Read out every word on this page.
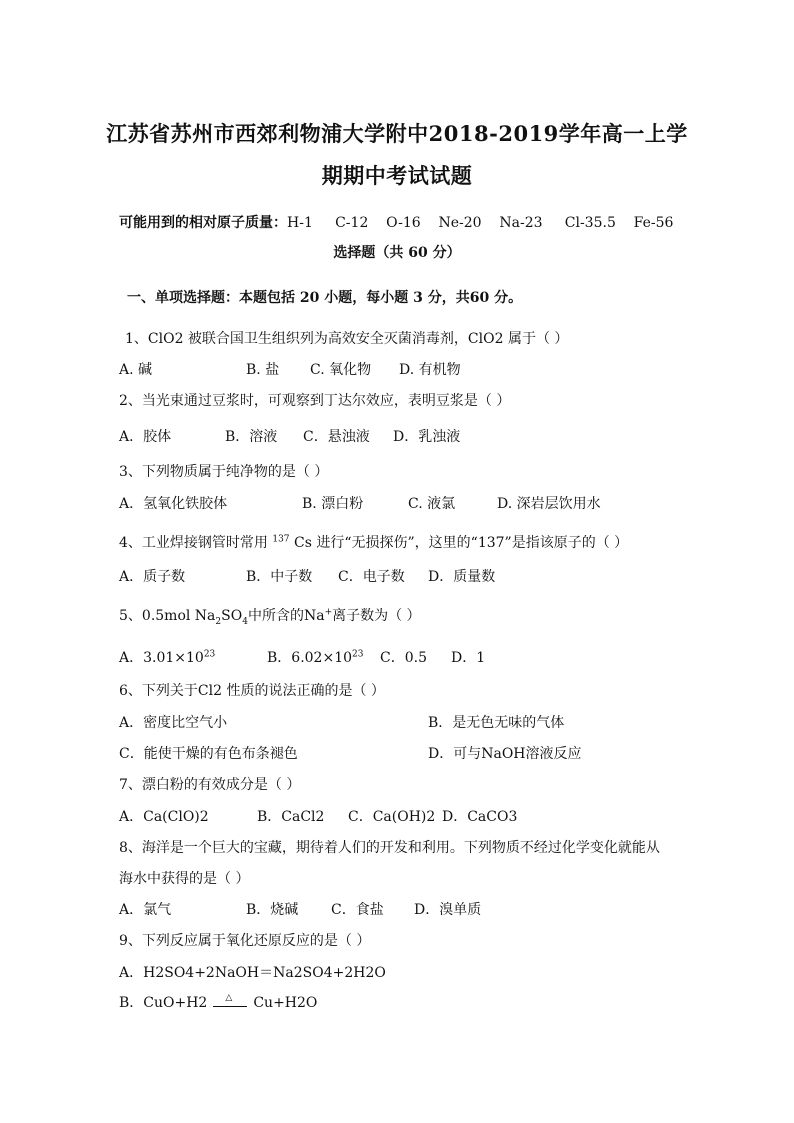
江苏省苏州市西郊利物浦大学附中2018-2019学年高一上学
期期中考试试题
可能用到的相对原子质量：H-1     C-12    O-16    Ne-20    Na-23     Cl-35.5    Fe-56
选择题（共 60 分）
一、单项选择题：本题包括 20 小题，每小题 3 分，共60 分。
1、ClO2 被联合国卫生组织列为高效安全灭菌消毒剂，ClO2 属于（ ）
A. 碱	B. 盐 C. 氧化物 D. 有机物
2、当光束通过豆浆时，可观察到丁达尔效应，表明豆浆是（ ）
A．胶体	B．溶液 C．悬浊液 D．乳浊液
3、下列物质属于纯净物的是（ ）
A．氢氧化铁胶体	B. 漂白粉	C. 液氯	D. 深岩层饮用水
4、工业焊接钢管时常用 $^{137}$ Cs 进行“无损探伤”，这里的“137”是指该原子的（ ）
A．质子数	B．中子数 C．电子数 D．质量数
5、0.5mol $Na_2SO_4$中所含的Na+离子数为（ ）
A．$3.01\times 10^{23}$	B．$6.02\times 10^{23}$ C．0.5 D．1
6、下列关于Cl2 性质的说法正确的是（ ）
A．密度比空气小	B．是无色无味的气体
C．能使干燥的有色布条褪色	D．可与NaOH溶液反应
7、漂白粉的有效成分是（ ）
A．Ca(ClO)2	B．CaCl2 C．Ca(OH)2 D．CaCO3
8、海洋是一个巨大的宝藏，期待着人们的开发和利用。下列物质不经过化学变化就能从
海水中获得的是（ ）
A．氯气	B．烧碱 C．食盐 D．溴单质
9、下列反应属于氧化还原反应的是（ ）
A．H2SO4+2NaOH＝Na2SO4+2H2O
B．CuO+H2 △ Cu+H2O
